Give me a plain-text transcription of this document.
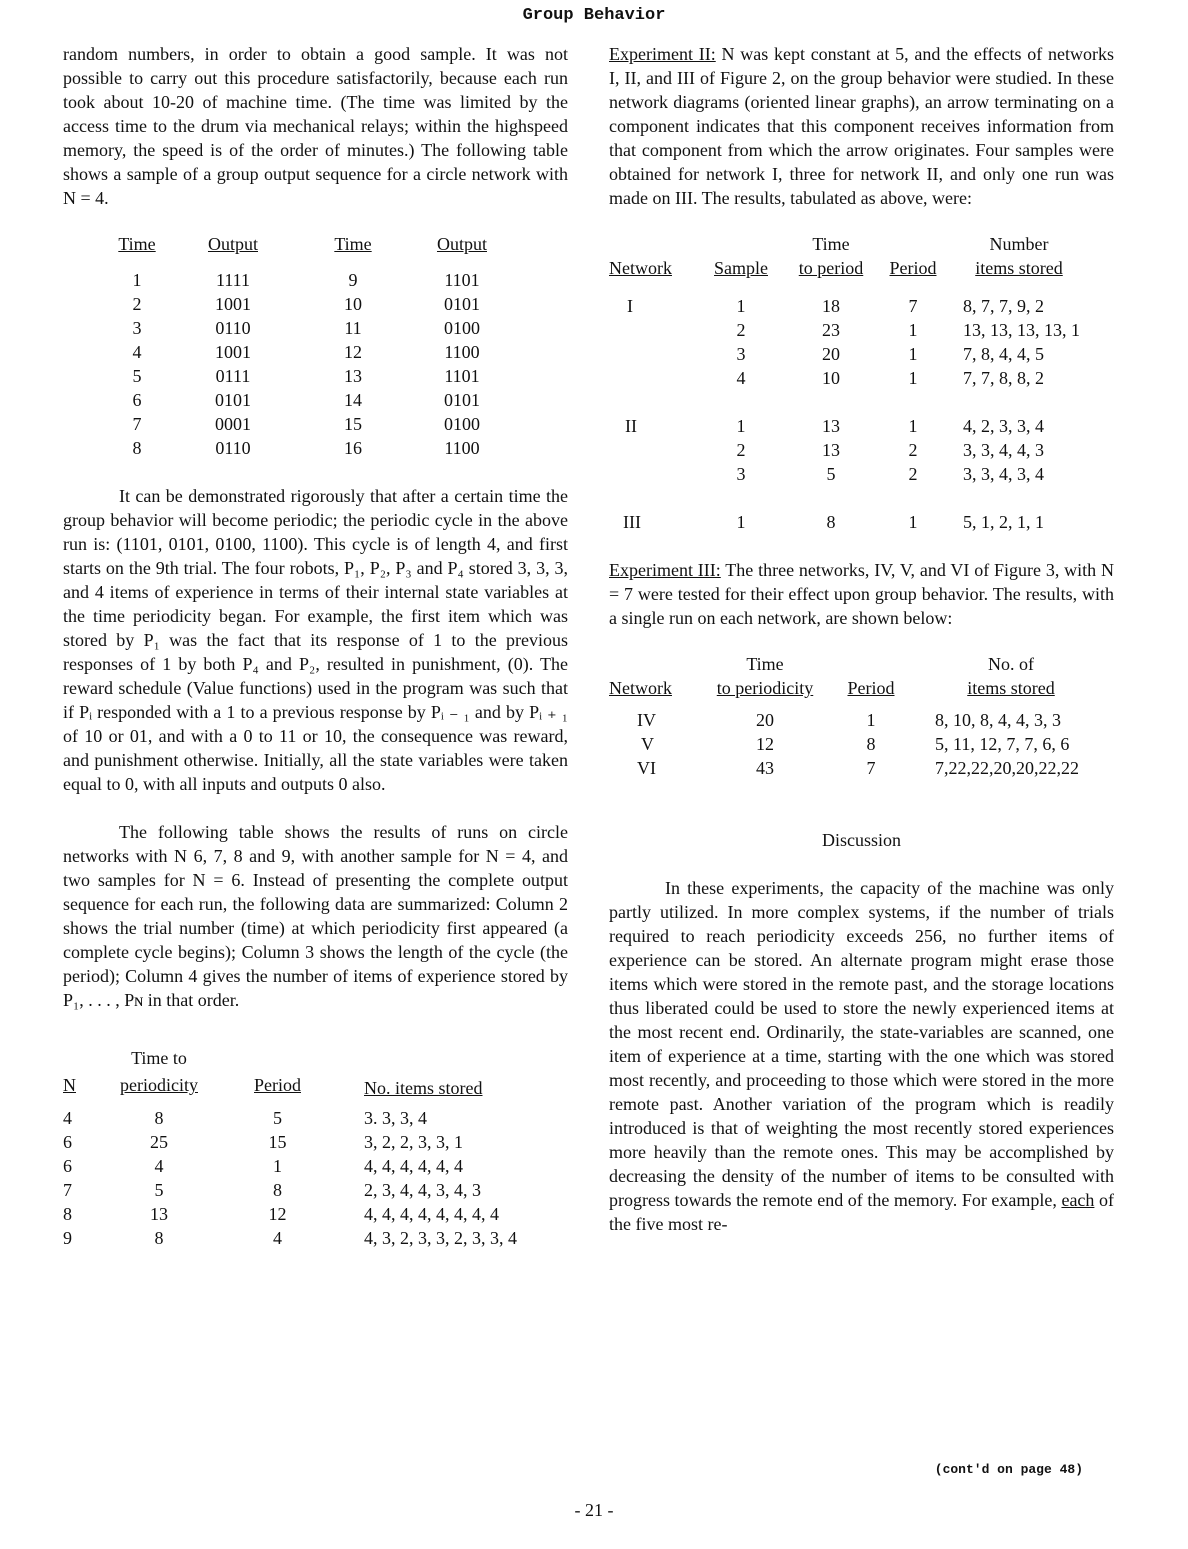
Group Behavior

random numbers, in order to obtain a good sample. It was not possible to carry out this procedure satisfactorily, because each run took about 10-20 of machine time. (The time was limited by the access time to the drum via mechanical relays; within the highspeed memory, the speed is of the order of minutes.) The following table shows a sample of a group output sequence for a circle network with N = 4.

Time		Output		Time		Output

1		1111		9		1101
2		1001		10		0101
3		0110		11		0100
4		1001		12		1100
5		0111		13		1101
6		0101		14		0101
7		0001		15		0100
8		0110		16		1100

It can be demonstrated rigorously that after a certain time the group behavior will become periodic; the periodic cycle in the above run is: (1101, 0101, 0100, 1100). This cycle is of length 4, and first starts on the 9th trial. The four robots, P₁, P₂, P₃ and P₄ stored 3, 3, 3, and 4 items of experience in terms of their internal state variables at the time periodicity began. For example, the first item which was stored by P₁ was the fact that its response of 1 to the previous responses of 1 by both P₄ and P₂, resulted in punishment, (0). The reward schedule (Value functions) used in the program was such that if Pᵢ responded with a 1 to a previous response by Pᵢ ₋ ₁ and by Pᵢ ₊ ₁ of 10 or 01, and with a 0 to 11 or 10, the consequence was reward, and punishment otherwise. Initially, all the state variables were taken equal to 0, with all inputs and outputs 0 also.

The following table shows the results of runs on circle networks with N 6, 7, 8 and 9, with another sample for N = 4, and two samples for N = 6. Instead of presenting the complete output sequence for each run, the following data are summarized: Column 2 shows the trial number (time) at which periodicity first appeared (a complete cycle begins); Column 3 shows the length of the cycle (the period); Column 4 gives the number of items of experience stored by P₁, . . . , Pɴ in that order.

	Time to		
N	periodicity	Period	No. items stored

4	8	5	3. 3, 3, 4
6	25	15	3, 2, 2, 3, 3, 1
6	4	1	4, 4, 4, 4, 4, 4
7	5	8	2, 3, 4, 4, 3, 4, 3
8	13	12	4, 4, 4, 4, 4, 4, 4, 4
9	8	4	4, 3, 2, 3, 3, 2, 3, 3, 4

Experiment II: N was kept constant at 5, and the effects of networks I, II, and III of Figure 2, on the group behavior were studied. In these network diagrams (oriented linear graphs), an arrow terminating on a component indicates that this component receives information from that component from which the arrow originates. Four samples were obtained for network I, three for network II, and only one run was made on III. The results, tabulated as above, were:

		Time		Number
Network	Sample	to period	Period	items stored

I	1	18	7	8, 7, 7, 9, 2
	2	23	1	13, 13, 13, 13, 1
	3	20	1	7, 8, 4, 4, 5
	4	10	1	7, 7, 8, 8, 2

II	1	13	1	4, 2, 3, 3, 4
	2	13	2	3, 3, 4, 4, 3
	3	5	2	3, 3, 4, 3, 4

III	1	8	1	5, 1, 2, 1, 1

Experiment III: The three networks, IV, V, and VI of Figure 3, with N = 7 were tested for their effect upon group behavior. The results, with a single run on each network, are shown below:

	Time		No. of
Network	to periodicity	Period	items stored

IV	20	1	8, 10, 8, 4, 4, 3, 3
V	12	8	5, 11, 12, 7, 7, 6, 6
VI	43	7	7,22,22,20,20,22,22

Discussion

In these experiments, the capacity of the machine was only partly utilized. In more complex systems, if the number of trials required to reach periodicity exceeds 256, no further items of experience can be stored. An alternate program might erase those items which were stored in the remote past, and the storage locations thus liberated could be used to store the newly experienced items at the most recent end. Ordinarily, the state-variables are scanned, one item of experience at a time, starting with the one which was stored most recently, and proceeding to those which were stored in the more remote past. Another variation of the program which is readily introduced is that of weighting the most recently stored experiences more heavily than the remote ones. This may be accomplished by decreasing the density of the number of items to be consulted with progress towards the remote end of the memory. For example, each of the five most re-

(cont'd on page 48)
- 21 -
